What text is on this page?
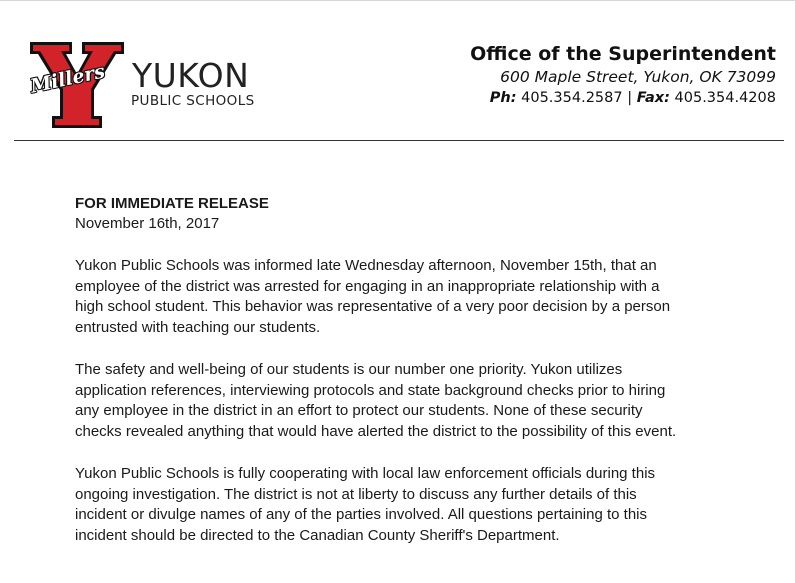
Millers YUKON
PUBLIC SCHOOLS
Office of the Superintendent
600 Maple Street, Yukon, OK 73099
Ph: 405.354.2587 | Fax: 405.354.4208
FOR IMMEDIATE RELEASE
November 16th, 2017

Yukon Public Schools was informed late Wednesday afternoon, November 15th, that an
employee of the district was arrested for engaging in an inappropriate relationship with a
high school student. This behavior was representative of a very poor decision by a person
entrusted with teaching our students.

The safety and well-being of our students is our number one priority. Yukon utilizes
application references, interviewing protocols and state background checks prior to hiring
any employee in the district in an effort to protect our students. None of these security
checks revealed anything that would have alerted the district to the possibility of this event.

Yukon Public Schools is fully cooperating with local law enforcement officials during this
ongoing investigation. The district is not at liberty to discuss any further details of this
incident or divulge names of any of the parties involved. All questions pertaining to this
incident should be directed to the Canadian County Sheriff's Department.
